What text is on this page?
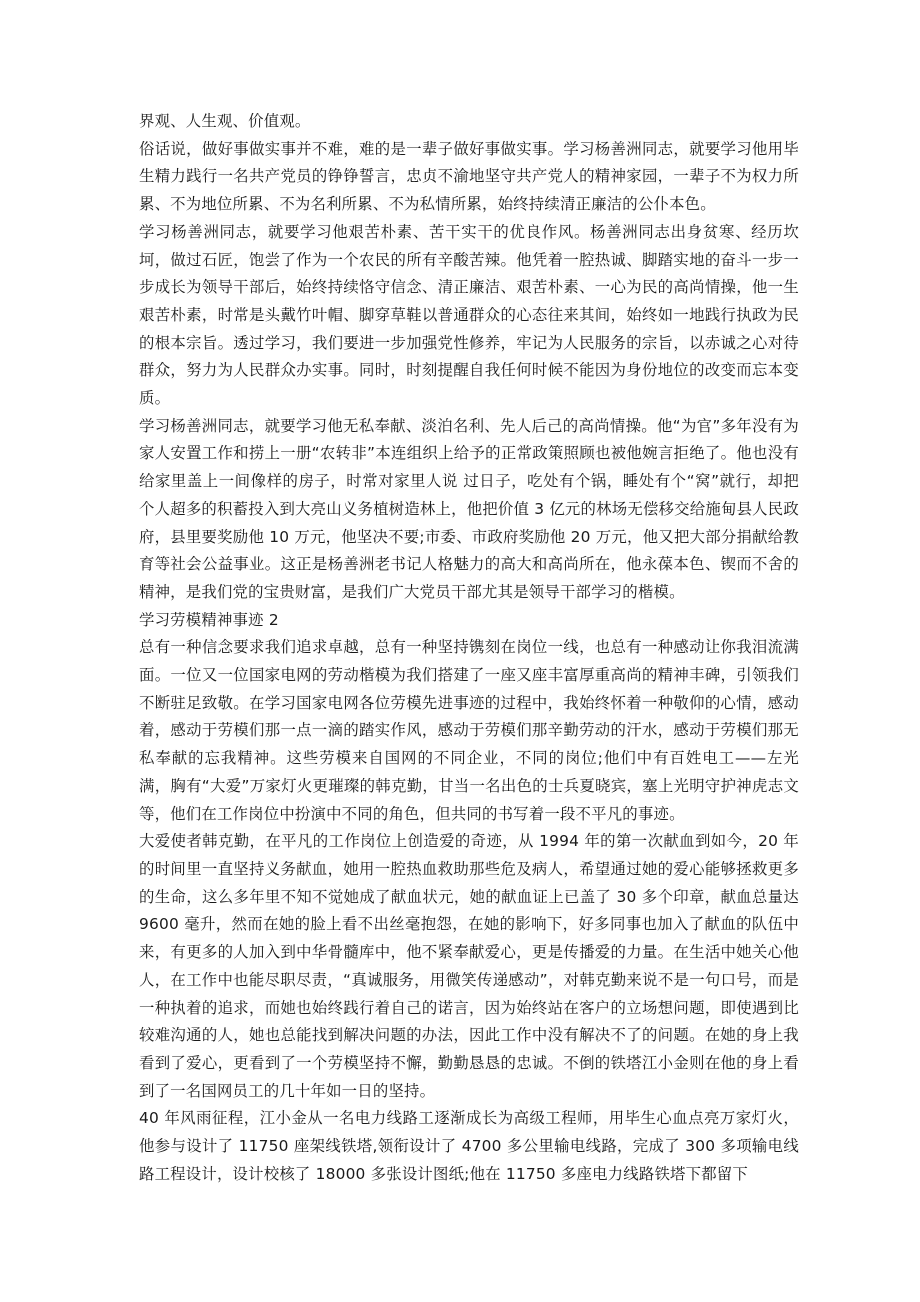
界观、人生观、价值观。

俗话说，做好事做实事并不难，难的是一辈子做好事做实事。学习杨善洲同志，就要学习他用毕生精力践行一名共产党员的铮铮誓言，忠贞不渝地坚守共产党人的精神家园，一辈子不为权力所累、不为地位所累、不为名利所累、不为私情所累，始终持续清正廉洁的公仆本色。

学习杨善洲同志，就要学习他艰苦朴素、苦干实干的优良作风。杨善洲同志出身贫寒、经历坎坷，做过石匠，饱尝了作为一个农民的所有辛酸苦辣。他凭着一腔热诚、脚踏实地的奋斗一步一步成长为领导干部后，始终持续恪守信念、清正廉洁、艰苦朴素、一心为民的高尚情操，他一生艰苦朴素，时常是头戴竹叶帽、脚穿草鞋以普通群众的心态往来其间，始终如一地践行执政为民的根本宗旨。透过学习，我们要进一步加强党性修养，牢记为人民服务的宗旨，以赤诚之心对待群众，努力为人民群众办实事。同时，时刻提醒自我任何时候不能因为身份地位的改变而忘本变质。

学习杨善洲同志，就要学习他无私奉献、淡泊名利、先人后己的高尚情操。他“为官”多年没有为家人安置工作和捞上一册“农转非”本连组织上给予的正常政策照顾也被他婉言拒绝了。他也没有给家里盖上一间像样的房子，时常对家里人说 过日子，吃处有个锅，睡处有个“窝”就行，却把个人超多的积蓄投入到大亮山义务植树造林上，他把价值 3 亿元的林场无偿移交给施甸县人民政府，县里要奖励他 10 万元，他坚决不要;市委、市政府奖励他 20 万元，他又把大部分捐献给教育等社会公益事业。这正是杨善洲老书记人格魅力的高大和高尚所在，他永葆本色、锲而不舍的精神，是我们党的宝贵财富，是我们广大党员干部尤其是领导干部学习的楷模。

学习劳模精神事迹 2

总有一种信念要求我们追求卓越，总有一种坚持镌刻在岗位一线，也总有一种感动让你我泪流满面。一位又一位国家电网的劳动楷模为我们搭建了一座又座丰富厚重高尚的精神丰碑，引领我们不断驻足致敬。在学习国家电网各位劳模先进事迹的过程中，我始终怀着一种敬仰的心情，感动着，感动于劳模们那一点一滴的踏实作风，感动于劳模们那辛勤劳动的汗水，感动于劳模们那无私奉献的忘我精神。这些劳模来自国网的不同企业，不同的岗位;他们中有百姓电工——左光满，胸有“大爱”万家灯火更璀璨的韩克勤，甘当一名出色的士兵夏晓宾，塞上光明守护神虎志文等，他们在工作岗位中扮演中不同的角色，但共同的书写着一段不平凡的事迹。

大爱使者韩克勤，在平凡的工作岗位上创造爱的奇迹，从 1994 年的第一次献血到如今，20 年的时间里一直坚持义务献血，她用一腔热血救助那些危及病人，希望通过她的爱心能够拯救更多的生命，这么多年里不知不觉她成了献血状元，她的献血证上已盖了 30 多个印章，献血总量达 9600 毫升，然而在她的脸上看不出丝毫抱怨，在她的影响下，好多同事也加入了献血的队伍中来，有更多的人加入到中华骨髓库中，他不紧奉献爱心，更是传播爱的力量。在生活中她关心他人，在工作中也能尽职尽责，“真诚服务，用微笑传递感动”，对韩克勤来说不是一句口号，而是一种执着的追求，而她也始终践行着自己的诺言，因为始终站在客户的立场想问题，即使遇到比较难沟通的人，她也总能找到解决问题的办法，因此工作中没有解决不了的问题。在她的身上我看到了爱心，更看到了一个劳模坚持不懈，勤勤恳恳的忠诚。不倒的铁塔江小金则在他的身上看到了一名国网员工的几十年如一日的坚持。

40 年风雨征程，江小金从一名电力线路工逐渐成长为高级工程师，用毕生心血点亮万家灯火，他参与设计了 11750 座架线铁塔,领衔设计了 4700 多公里输电线路，完成了 300 多项输电线路工程设计，设计校核了 18000 多张设计图纸;他在 11750 多座电力线路铁塔下都留下
